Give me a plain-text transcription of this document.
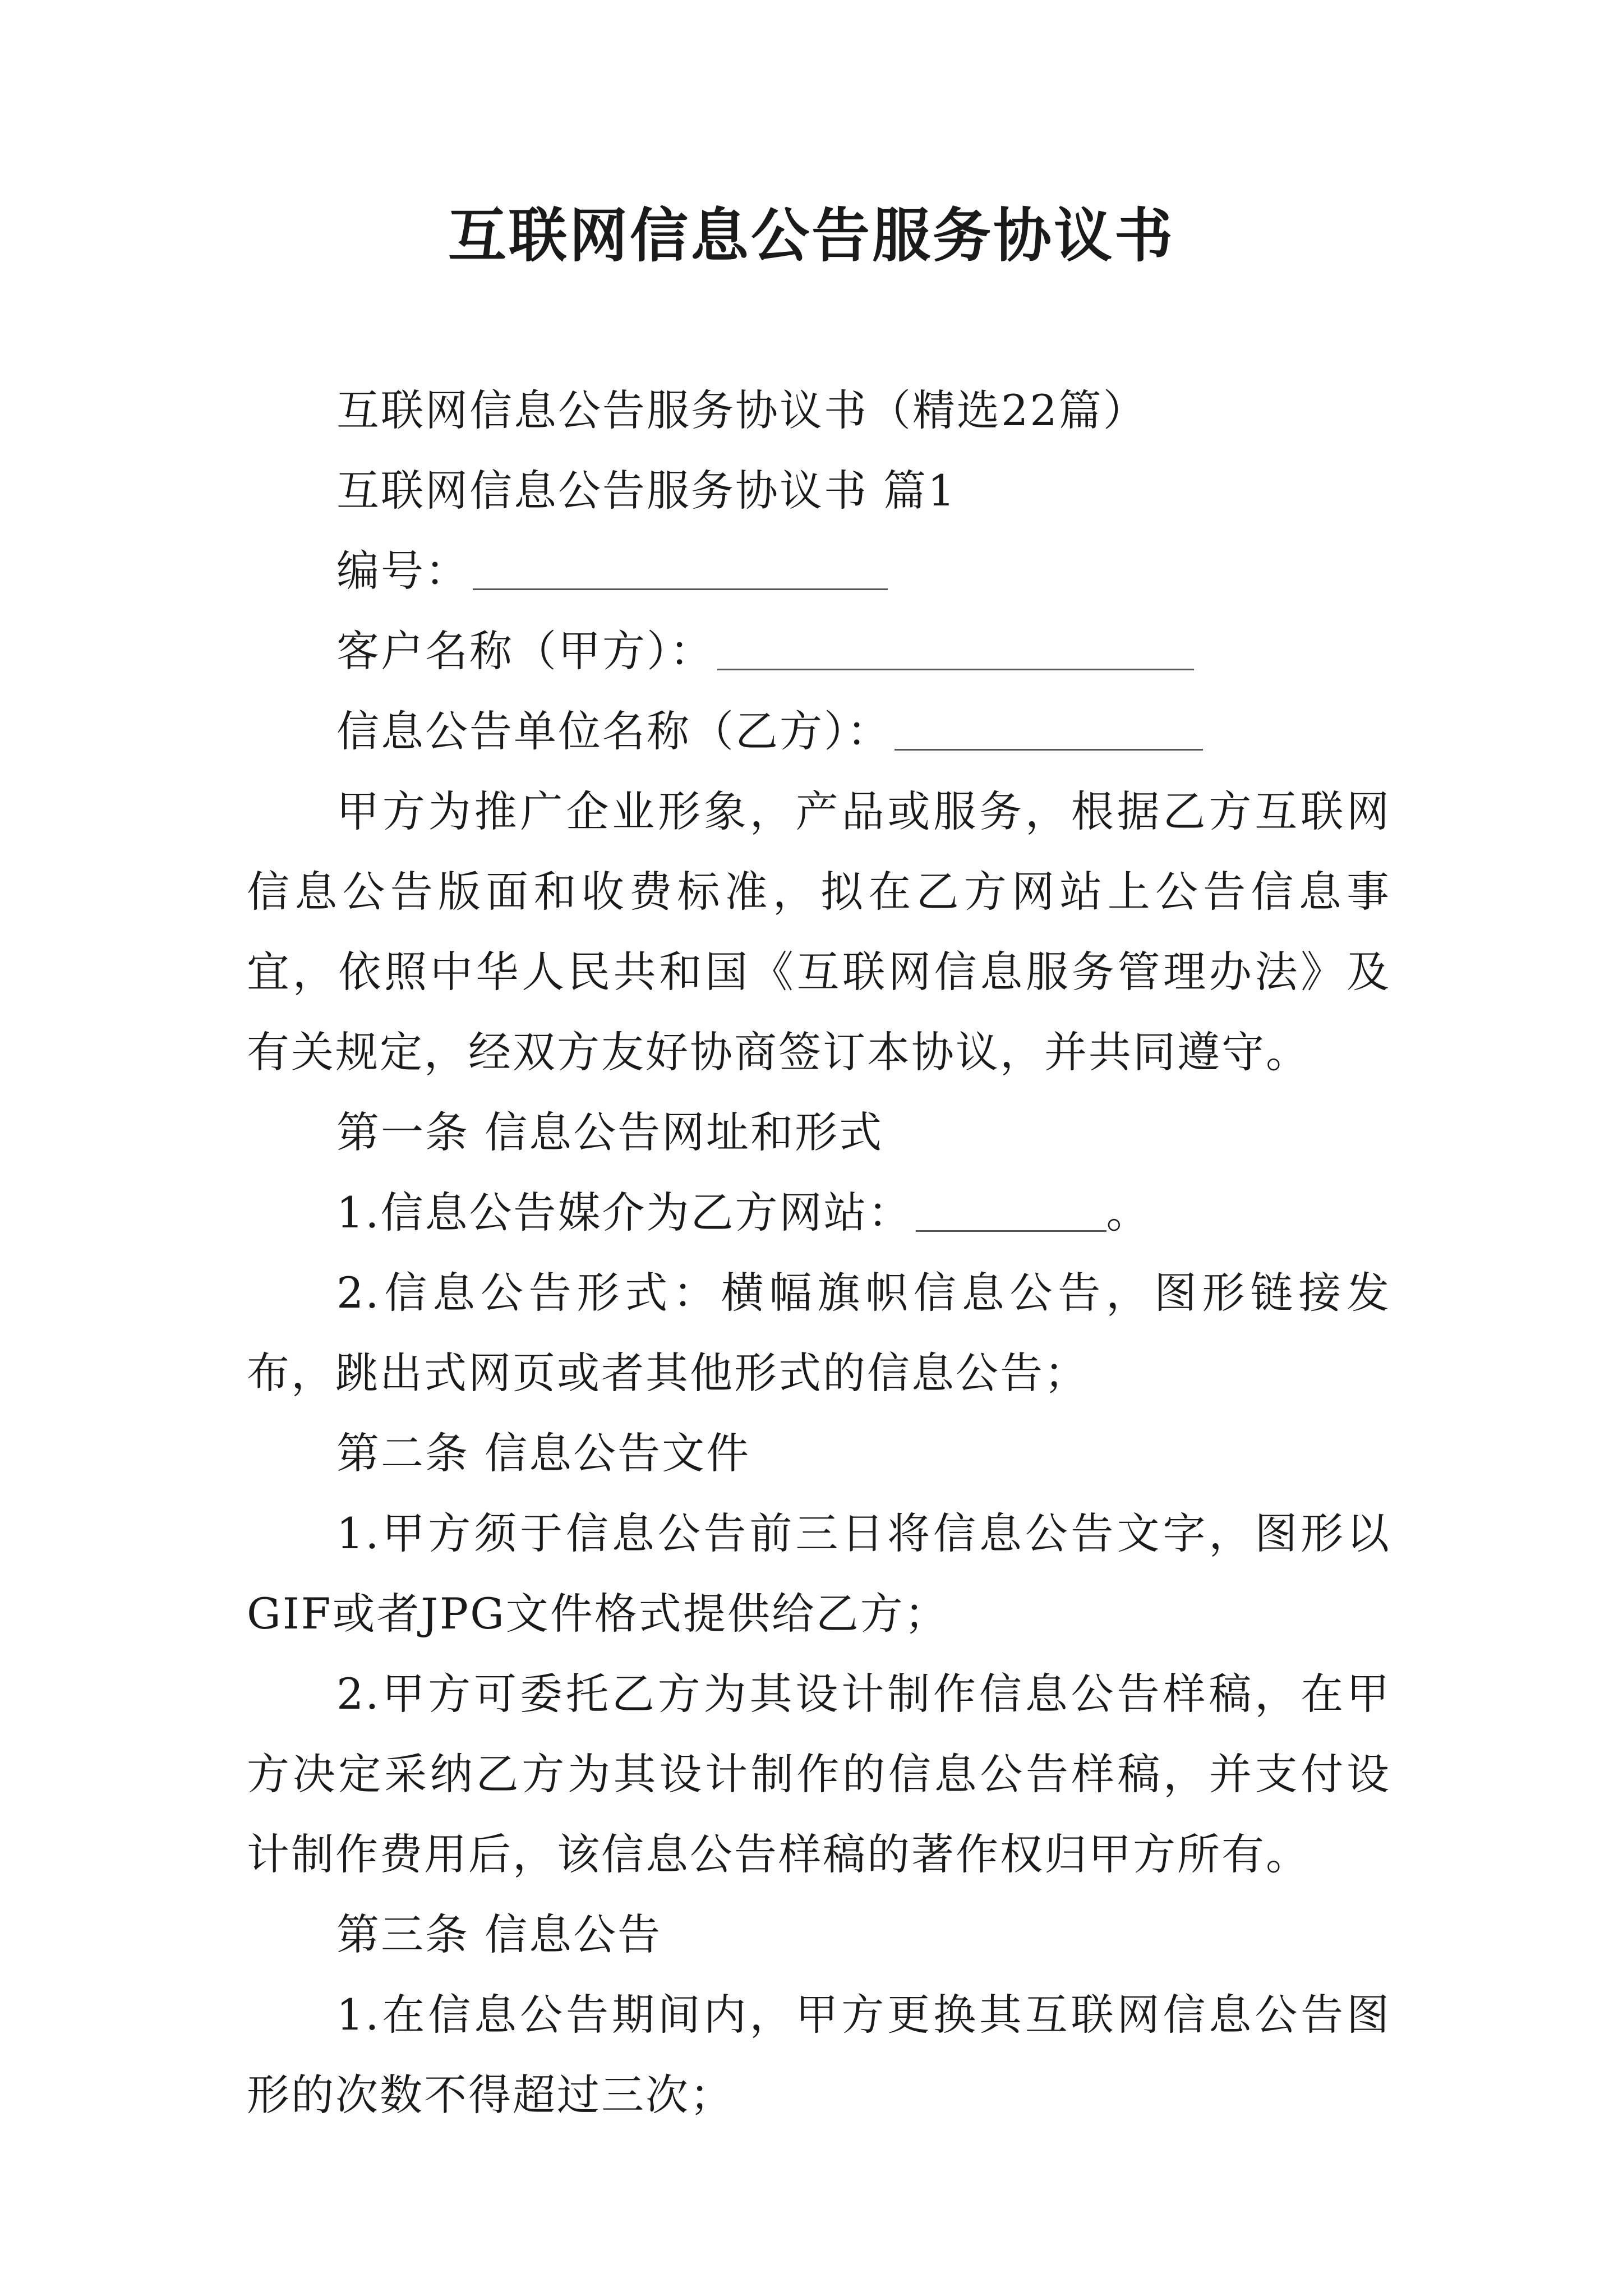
互联网信息公告服务协议书

互联网信息公告服务协议书（精选22篇）

互联网信息公告服务协议书 篇1

编号：

客户名称（甲方）：

信息公告单位名称（乙方）：

甲方为推广企业形象，产品或服务，根据乙方互联网信息公告版面和收费标准，拟在乙方网站上公告信息事宜，依照中华人民共和国《互联网信息服务管理办法》及有关规定，经双方友好协商签订本协议，并共同遵守。

第一条 信息公告网址和形式

1.信息公告媒介为乙方网站：	。

2.信息公告形式：横幅旗帜信息公告，图形链接发布，跳出式网页或者其他形式的信息公告；

第二条 信息公告文件

1.甲方须于信息公告前三日将信息公告文字，图形以GIF或者JPG文件格式提供给乙方；

2.甲方可委托乙方为其设计制作信息公告样稿，在甲方决定采纳乙方为其设计制作的信息公告样稿，并支付设计制作费用后，该信息公告样稿的著作权归甲方所有。

第三条 信息公告

1.在信息公告期间内，甲方更换其互联网信息公告图形的次数不得超过三次；
